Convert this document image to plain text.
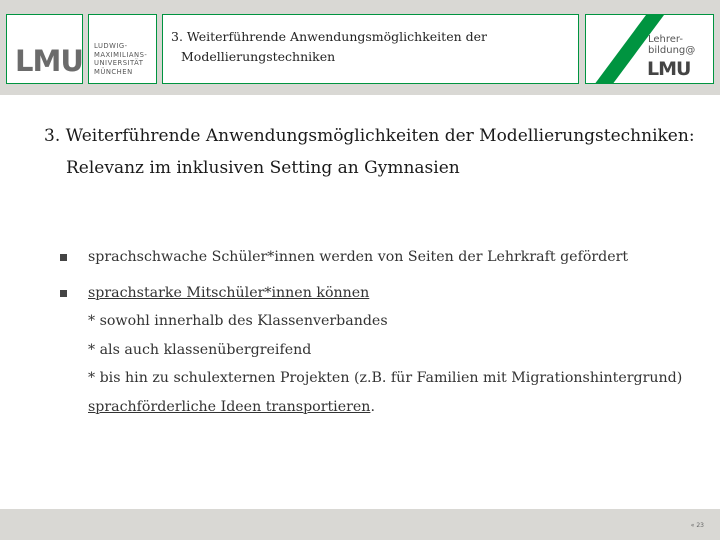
LMU LUDWIG-
MAXIMILIANS-
UNIVERSITÄT
MÜNCHEN
3. Weiterführende Anwendungsmöglichkeiten der
Modellierungstechniken
Lehrer-
bildung@
LMU
3. Weiterführende Anwendungsmöglichkeiten der Modellierungstechniken:
Relevanz im inklusiven Setting an Gymnasien
sprachschwache Schüler*innen werden von Seiten der Lehrkraft gefördert
sprachstarke Mitschüler*innen können
* sowohl innerhalb des Klassenverbandes
* als auch klassenübergreifend
* bis hin zu schulexternen Projekten (z.B. für Familien mit Migrationshintergrund)
sprachförderliche Ideen transportieren.
« 23
